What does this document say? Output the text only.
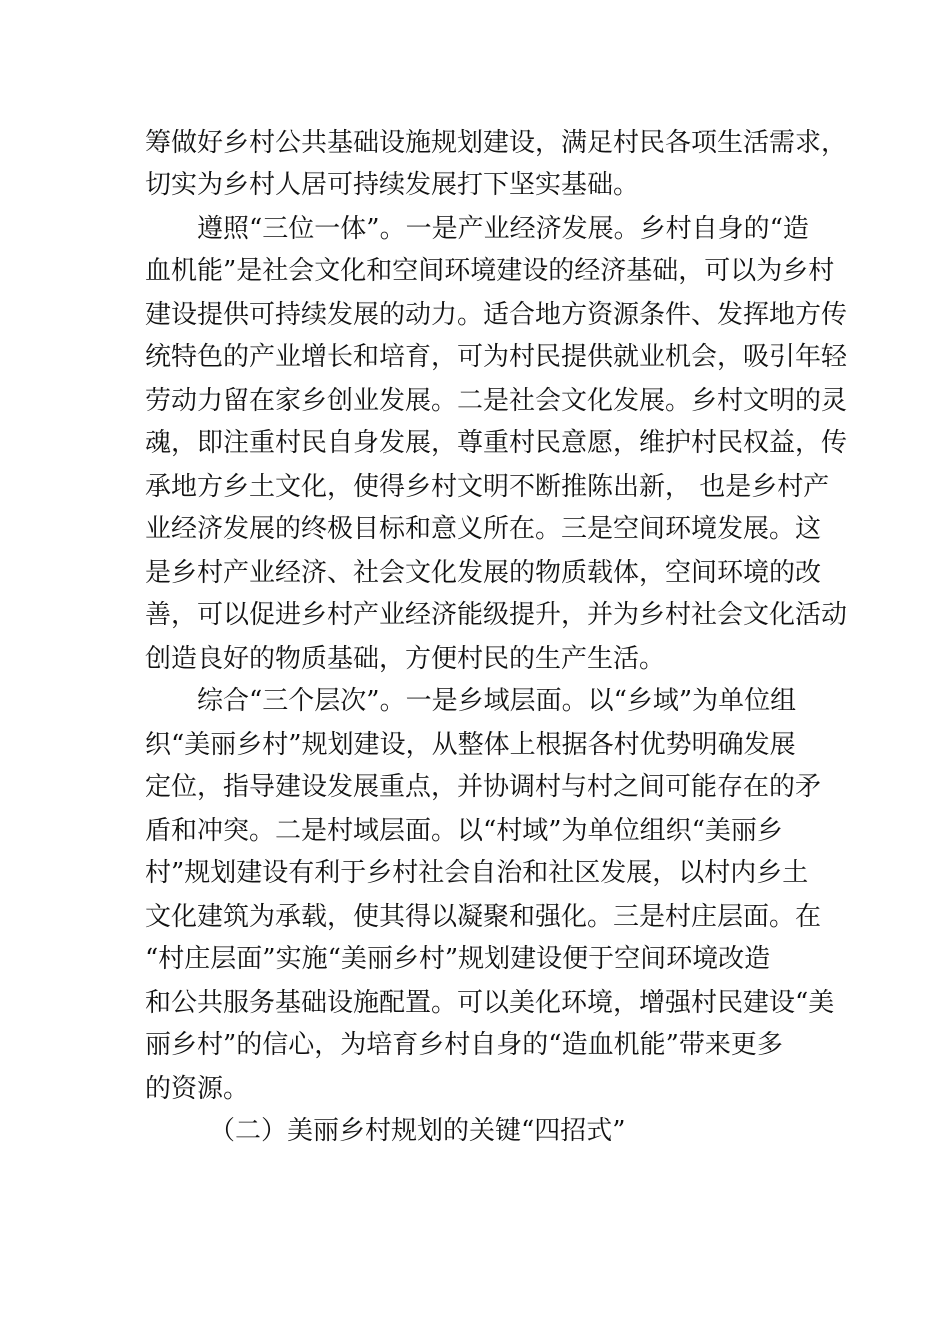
筹做好乡村公共基础设施规划建设，满足村民各项生活需求，
切实为乡村人居可持续发展打下坚实基础。
遵照“三位一体”。一是产业经济发展。乡村自身的“造
血机能”是社会文化和空间环境建设的经济基础，可以为乡村
建设提供可持续发展的动力。适合地方资源条件、发挥地方传
统特色的产业增长和培育，可为村民提供就业机会，吸引年轻
劳动力留在家乡创业发展。二是社会文化发展。乡村文明的灵
魂，即注重村民自身发展，尊重村民意愿，维护村民权益，传
承地方乡土文化，使得乡村文明不断推陈出新， 也是乡村产
业经济发展的终极目标和意义所在。三是空间环境发展。这
是乡村产业经济、社会文化发展的物质载体，空间环境的改
善，可以促进乡村产业经济能级提升，并为乡村社会文化活动
创造良好的物质基础，方便村民的生产生活。
综合“三个层次”。一是乡域层面。以“乡域”为单位组
织“美丽乡村”规划建设，从整体上根据各村优势明确发展
定位，指导建设发展重点，并协调村与村之间可能存在的矛
盾和冲突。二是村域层面。以“村域”为单位组织“美丽乡
村”规划建设有利于乡村社会自治和社区发展，以村内乡土
文化建筑为承载，使其得以凝聚和强化。三是村庄层面。在
“村庄层面”实施“美丽乡村”规划建设便于空间环境改造
和公共服务基础设施配置。可以美化环境，增强村民建设“美
丽乡村”的信心，为培育乡村自身的“造血机能”带来更多
的资源。
（二）美丽乡村规划的关键“四招式”
